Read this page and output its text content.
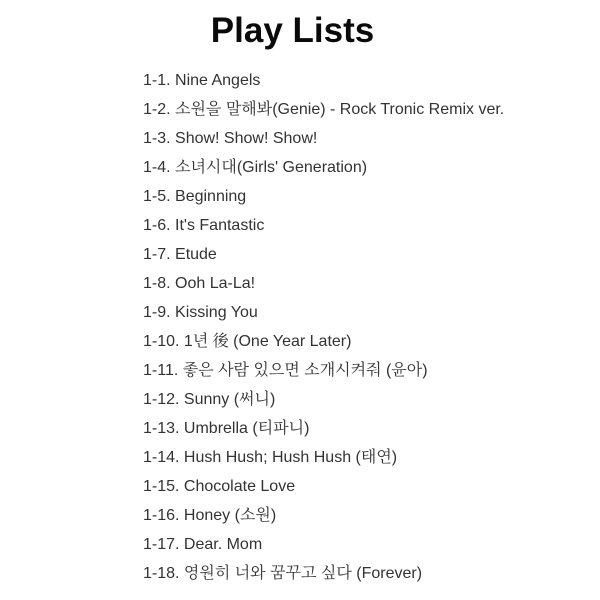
Play Lists
1-1. Nine Angels
1-2. 소원을 말해봐(Genie) - Rock Tronic Remix ver.
1-3. Show! Show! Show!
1-4. 소녀시대(Girls' Generation)
1-5. Beginning
1-6. It's Fantastic
1-7. Etude
1-8. Ooh La-La!
1-9. Kissing You
1-10. 1년 後 (One Year Later)
1-11. 좋은 사람 있으면 소개시켜줘 (윤아)
1-12. Sunny (써니)
1-13. Umbrella (티파니)
1-14. Hush Hush; Hush Hush (태연)
1-15. Chocolate Love
1-16. Honey (소원)
1-17. Dear. Mom
1-18. 영원히 너와 꿈꾸고 싶다 (Forever)
